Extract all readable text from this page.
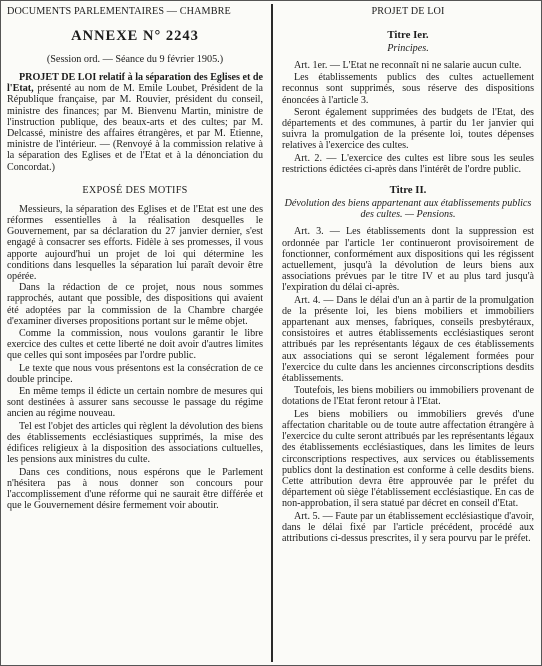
DOCUMENTS PARLEMENTAIRES — CHAMBRE
ANNEXE N° 2243
(Session ord. — Séance du 9 février 1905.)

PROJET DE LOI relatif à la séparation des Eglises et de l'Etat, présenté au nom de M. Emile Loubet, Président de la République française, par M. Rouvier, président du conseil, ministre des finances; par M. Bienvenu Martin, ministre de l'instruction publique, des beaux-arts et des cultes; par M. Delcassé, ministre des affaires étrangères, et par M. Etienne, ministre de l'intérieur. — (Renvoyé à la commission relative à la séparation des Eglises et de l'Etat et à la dénonciation du Concordat.)

EXPOSÉ DES MOTIFS

Messieurs, la séparation des Eglises et de l'Etat est une des réformes essentielles à la réalisation desquelles le Gouvernement, par sa déclaration du 27 janvier dernier, s'est engagé à consacrer ses efforts. Fidèle à ses promesses, il vous apporte aujourd'hui un projet de loi qui détermine les conditions dans lesquelles la séparation lui paraît devoir être opérée.

Dans la rédaction de ce projet, nous nous sommes rapprochés, autant que possible, des dispositions qui avaient été adoptées par la commission de la Chambre chargée d'examiner diverses propositions portant sur le même objet.

Comme la commission, nous voulons garantir le libre exercice des cultes et cette liberté ne doit avoir d'autres limites que celles qui sont imposées par l'ordre public.

Le texte que nous vous présentons est la consécration de ce double principe.

En même temps il édicte un certain nombre de mesures qui sont destinées à assurer sans secousse le passage du régime ancien au régime nouveau.

Tel est l'objet des articles qui règlent la dévolution des biens des établissements ecclésiastiques supprimés, la mise des édifices religieux à la disposition des associations cultuelles, les pensions aux ministres du culte.

Dans ces conditions, nous espérons que le Parlement n'hésitera pas à nous donner son concours pour l'accomplissement d'une réforme qui ne saurait être différée et que le Gouvernement désire fermement voir aboutir.

PROJET DE LOI
Titre Ier.
Principes.

Art. 1er. — L'Etat ne reconnaît ni ne salarie aucun culte.

Les établissements publics des cultes actuellement reconnus sont supprimés, sous réserve des dispositions énoncées à l'article 3.

Seront également supprimées des budgets de l'Etat, des départements et des communes, à partir du 1er janvier qui suivra la promulgation de la présente loi, toutes dépenses relatives à l'exercice des cultes.

Art. 2. — L'exercice des cultes est libre sous les seules restrictions édictées ci-après dans l'intérêt de l'ordre public.

Titre II.
Dévolution des biens appartenant aux établissements publics des cultes. — Pensions.

Art. 3. — Les établissements dont la suppression est ordonnée par l'article 1er continueront provisoirement de fonctionner, conformément aux dispositions qui les régissent actuellement, jusqu'à la dévolution de leurs biens aux associations prévues par le titre IV et au plus tard jusqu'à l'expiration du délai ci-après.

Art. 4. — Dans le délai d'un an à partir de la promulgation de la présente loi, les biens mobiliers et immobiliers appartenant aux menses, fabriques, conseils presbytéraux, consistoires et autres établissements ecclésiastiques seront attribués par les représentants légaux de ces établissements aux associations qui se seront légalement formées pour l'exercice du culte dans les anciennes circonscriptions desdits établissements.

Toutefois, les biens mobiliers ou immobiliers provenant de dotations de l'Etat feront retour à l'Etat.

Les biens mobiliers ou immobiliers grevés d'une affectation charitable ou de toute autre affectation étrangère à l'exercice du culte seront attribués par les représentants légaux des établissements ecclésiastiques, dans les limites de leurs circonscriptions respectives, aux services ou établissements publics dont la destination est conforme à celle desdits biens. Cette attribution devra être approuvée par le préfet du département où siège l'établissement ecclésiastique. En cas de non-approbation, il sera statué par décret en conseil d'Etat.

Art. 5. — Faute par un établissement ecclésiastique d'avoir, dans le délai fixé par l'article précédent, procédé aux attributions ci-dessus prescrites, il y sera pourvu par le préfet.
